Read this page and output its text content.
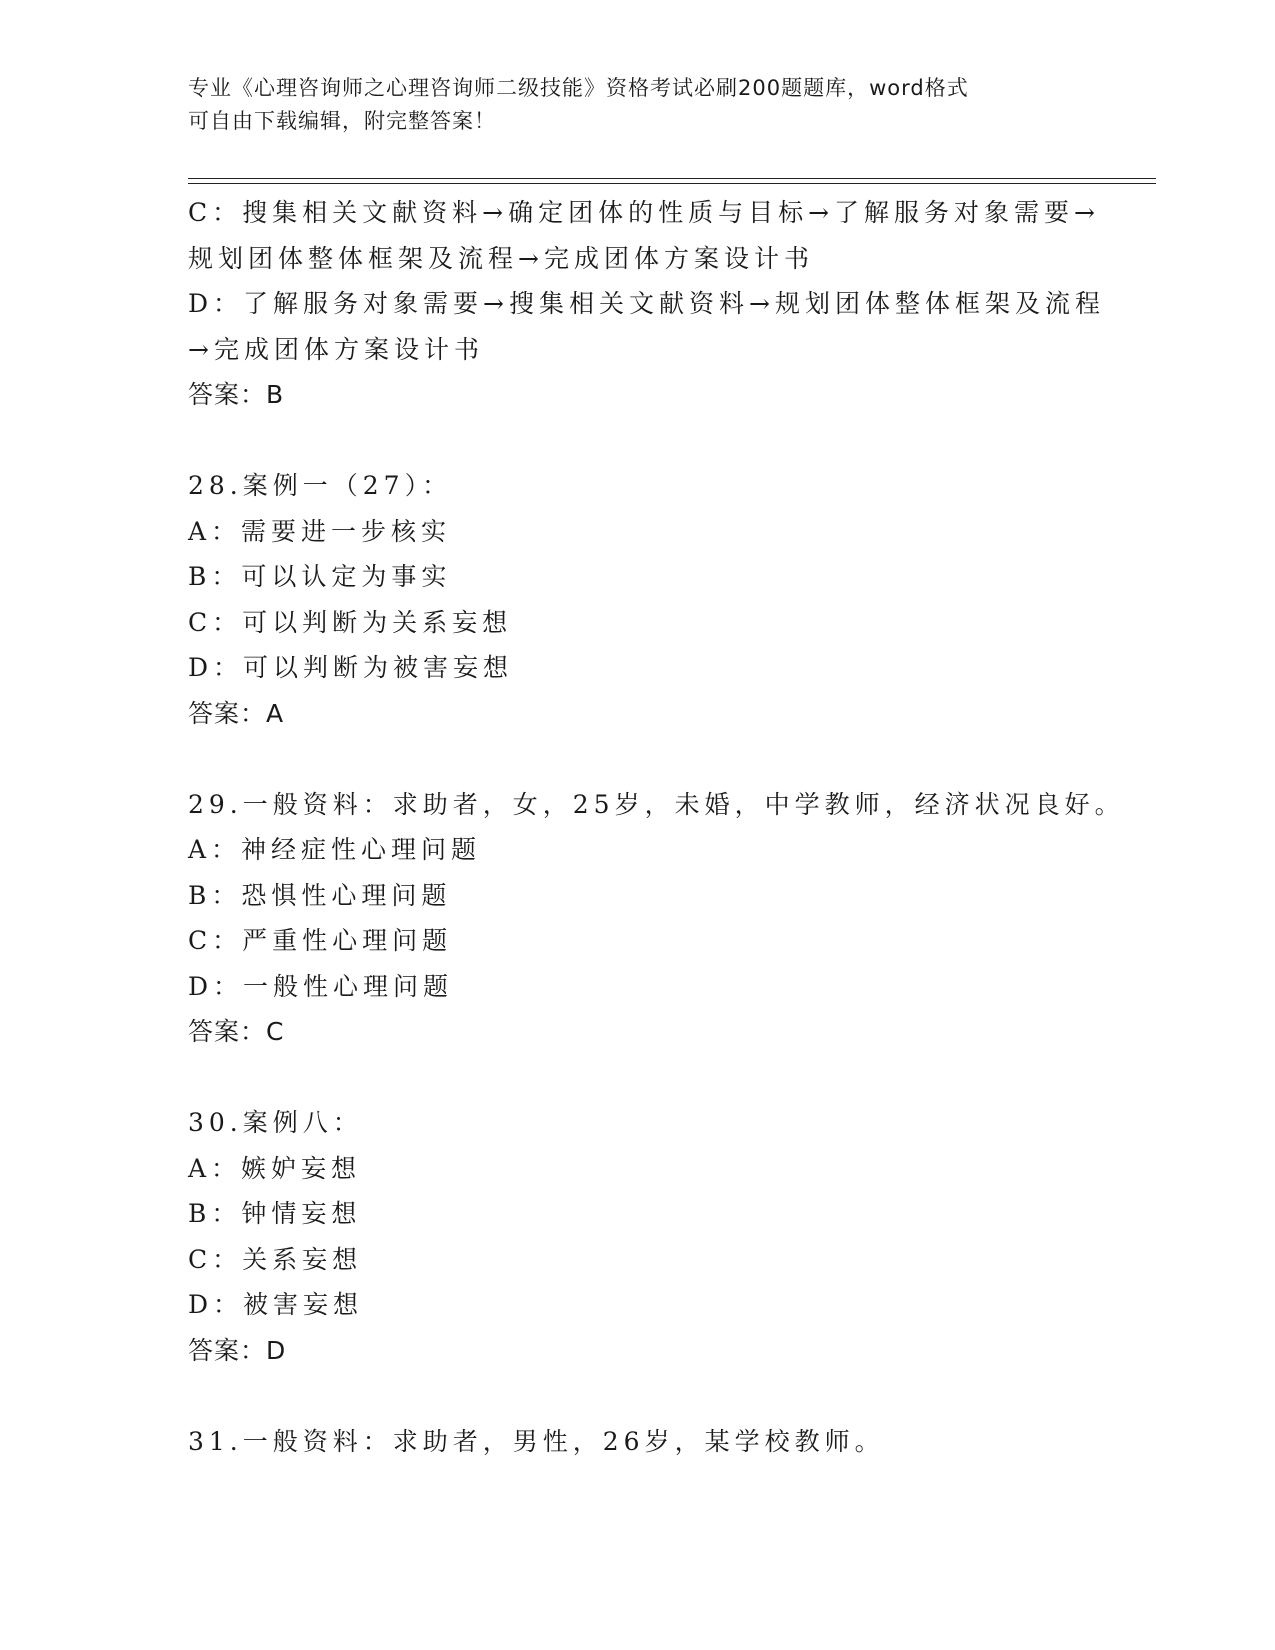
专业《心理咨询师之心理咨询师二级技能》资格考试必刷200题题库，word格式
可自由下载编辑，附完整答案！
C：搜集相关文献资料→确定团体的性质与目标→了解服务对象需要→
规划团体整体框架及流程→完成团体方案设计书
D：了解服务对象需要→搜集相关文献资料→规划团体整体框架及流程
→完成团体方案设计书
答案：B
28.案例一（27）：
A：需要进一步核实
B：可以认定为事实
C：可以判断为关系妄想
D：可以判断为被害妄想
答案：A
29.一般资料：求助者，女，25岁，未婚，中学教师，经济状况良好。
A：神经症性心理问题
B：恐惧性心理问题
C：严重性心理问题
D：一般性心理问题
答案：C
30.案例八：
A：嫉妒妄想
B：钟情妄想
C：关系妄想
D：被害妄想
答案：D
31.一般资料：求助者，男性，26岁，某学校教师。
